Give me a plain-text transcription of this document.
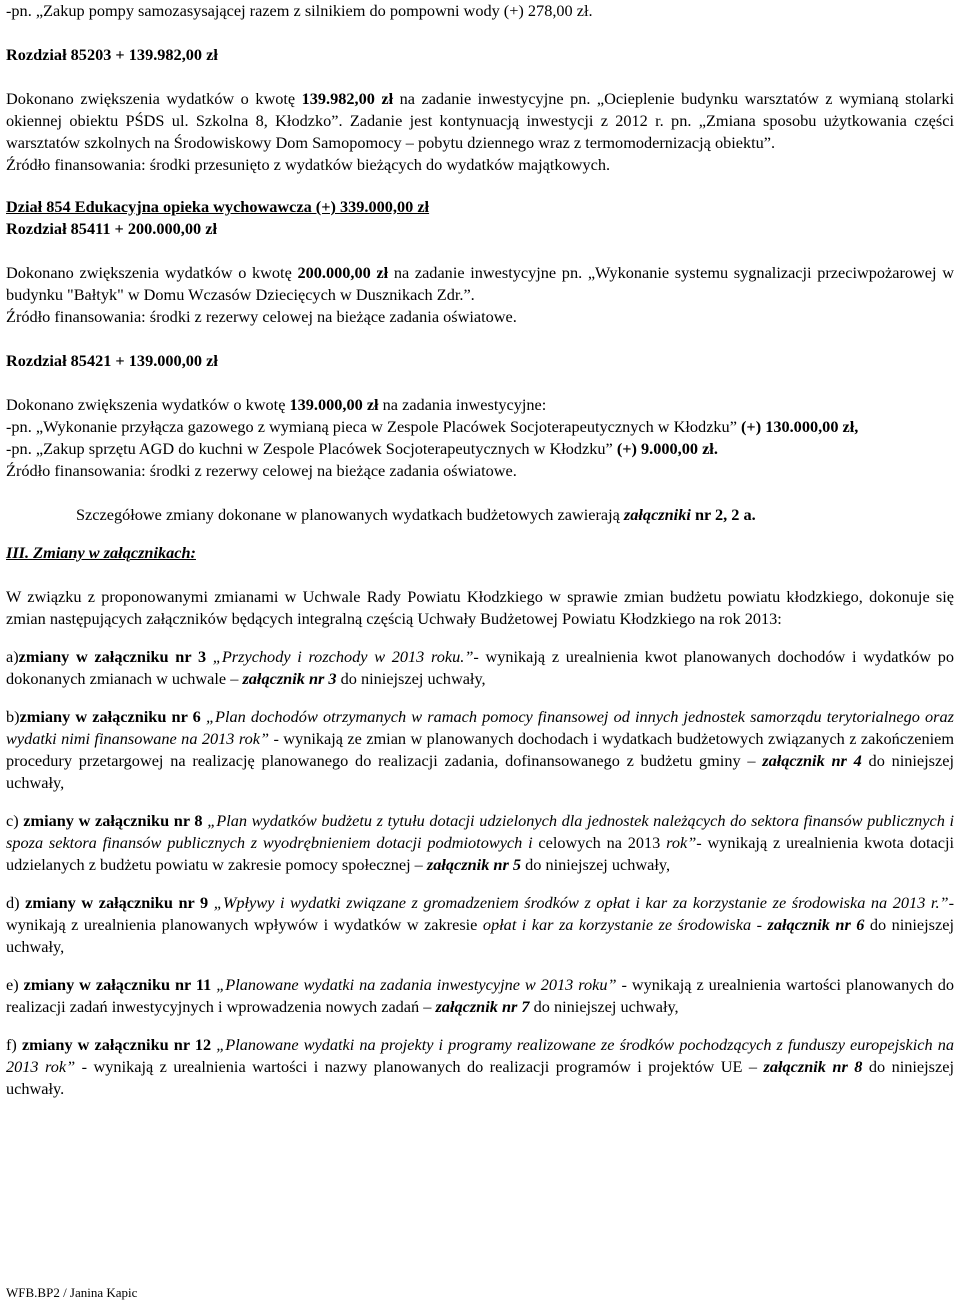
-pn. „Zakup pompy samozasysającej razem z silnikiem do pompowni wody (+) 278,00 zł.

Rozdział 85203 + 139.982,00 zł

Dokonano zwiększenia wydatków o kwotę 139.982,00 zł na zadanie inwestycyjne pn. „Ocieplenie budynku warsztatów z wymianą stolarki okiennej obiektu PŚDS ul. Szkolna 8, Kłodzko”. Zadanie jest kontynuacją inwestycji z 2012 r. pn. „Zmiana sposobu użytkowania części warsztatów szkolnych na Środowiskowy Dom Samopomocy – pobytu dziennego wraz z termomodernizacją obiektu”.

Źródło finansowania: środki przesunięto z wydatków bieżących do wydatków majątkowych.

Dział 854 Edukacyjna opieka wychowawcza (+) 339.000,00 zł

Rozdział 85411 + 200.000,00 zł

Dokonano zwiększenia wydatków o kwotę 200.000,00 zł na zadanie inwestycyjne pn. „Wykonanie systemu sygnalizacji przeciwpożarowej w budynku "Bałtyk" w Domu Wczasów Dziecięcych w Dusznikach Zdr.”.

Źródło finansowania: środki z rezerwy celowej na bieżące zadania oświatowe.

Rozdział 85421 + 139.000,00 zł

Dokonano zwiększenia wydatków o kwotę 139.000,00 zł na zadania inwestycyjne:

-pn. „Wykonanie przyłącza gazowego z wymianą pieca w Zespole Placówek Socjoterapeutycznych w Kłodzku” (+) 130.000,00 zł,

-pn. „Zakup sprzętu AGD do kuchni w Zespole Placówek Socjoterapeutycznych w Kłodzku” (+) 9.000,00 zł.

Źródło finansowania: środki z rezerwy celowej na bieżące zadania oświatowe.

Szczegółowe zmiany dokonane w planowanych wydatkach budżetowych zawierają załączniki nr 2, 2 a.

III. Zmiany w załącznikach:

W związku z proponowanymi zmianami w Uchwale Rady Powiatu Kłodzkiego w sprawie zmian budżetu powiatu kłodzkiego, dokonuje się zmian następujących załączników będących integralną częścią Uchwały Budżetowej Powiatu Kłodzkiego na rok 2013:

a)zmiany w załączniku nr 3 „Przychody i rozchody w 2013 roku.”- wynikają z urealnienia kwot planowanych dochodów i wydatków po dokonanych zmianach w uchwale – załącznik nr 3 do niniejszej uchwały,

b)zmiany w załączniku nr 6 „Plan dochodów otrzymanych w ramach pomocy finansowej od innych jednostek samorządu terytorialnego oraz wydatki nimi finansowane na 2013 rok” - wynikają ze zmian w planowanych dochodach i wydatkach budżetowych związanych z zakończeniem procedury przetargowej na realizację planowanego do realizacji zadania, dofinansowanego z budżetu gminy – załącznik nr 4 do niniejszej uchwały,

c) zmiany w załączniku nr 8 „Plan wydatków budżetu z tytułu dotacji udzielonych dla jednostek należących do sektora finansów publicznych i spoza sektora finansów publicznych z wyodrębnieniem dotacji podmiotowych i celowych na 2013 rok”- wynikają z urealnienia kwota dotacji udzielanych z budżetu powiatu w zakresie pomocy społecznej – załącznik nr 5 do niniejszej uchwały,

d) zmiany w załączniku nr 9 „Wpływy i wydatki związane z gromadzeniem środków z opłat i kar za korzystanie ze środowiska na 2013 r.”- wynikają z urealnienia planowanych wpływów i wydatków w zakresie opłat i kar za korzystanie ze środowiska - załącznik nr 6 do niniejszej uchwały,

e) zmiany w załączniku nr 11 „Planowane wydatki na zadania inwestycyjne w 2013 roku” - wynikają z urealnienia wartości planowanych do realizacji zadań inwestycyjnych i wprowadzenia nowych zadań – załącznik nr 7 do niniejszej uchwały,

f) zmiany w załączniku nr 12 „Planowane wydatki na projekty i programy realizowane ze środków pochodzących z funduszy europejskich na 2013 rok” - wynikają z urealnienia wartości i nazwy planowanych do realizacji programów i projektów UE – załącznik nr 8 do niniejszej uchwały.

WFB.BP2 / Janina Kapic
